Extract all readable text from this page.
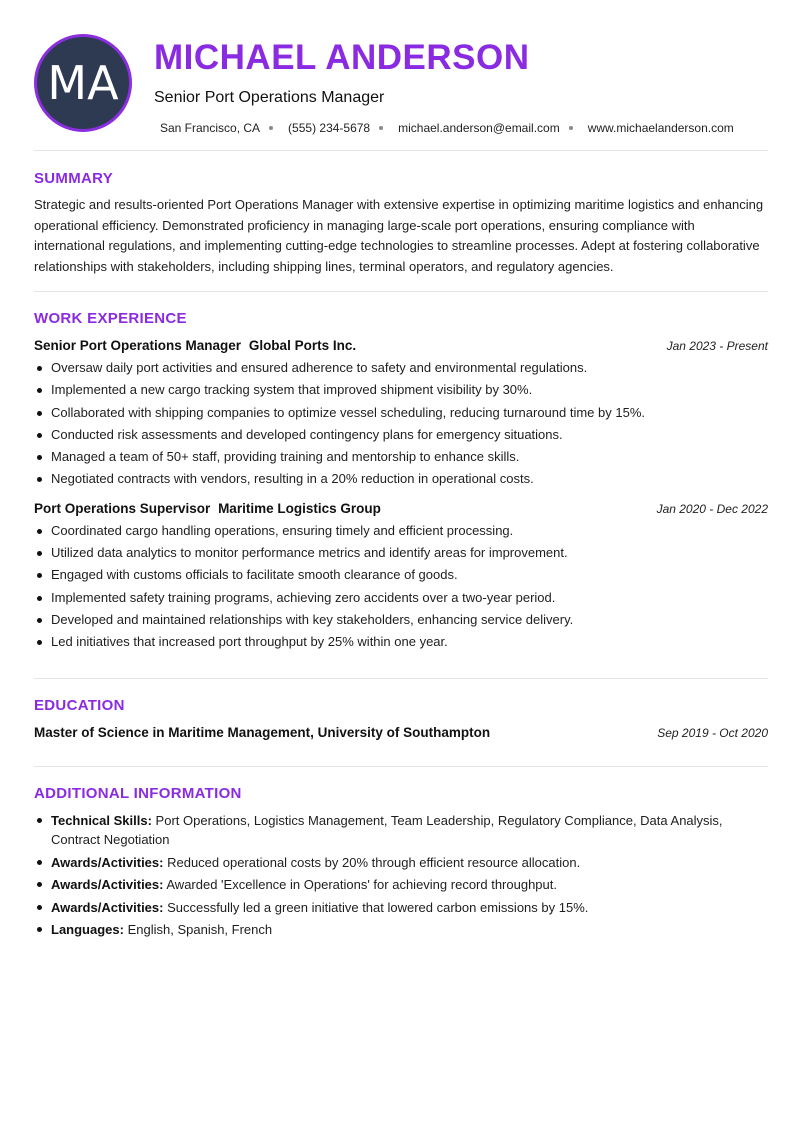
MA MICHAEL ANDERSON
Senior Port Operations Manager
San Francisco, CA (555) 234-5678 michael.anderson@email.com www.michaelanderson.com
SUMMARY

Strategic and results-oriented Port Operations Manager with extensive expertise in optimizing maritime logistics and enhancing operational efficiency. Demonstrated proficiency in managing large-scale port operations, ensuring compliance with international regulations, and implementing cutting-edge technologies to streamline processes. Adept at fostering collaborative relationships with stakeholders, including shipping lines, terminal operators, and regulatory agencies.

WORK EXPERIENCE
Senior Port Operations Manager Global Ports Inc.	Jan 2023 - Present
Oversaw daily port activities and ensured adherence to safety and environmental regulations.
Implemented a new cargo tracking system that improved shipment visibility by 30%.
Collaborated with shipping companies to optimize vessel scheduling, reducing turnaround time by 15%.
Conducted risk assessments and developed contingency plans for emergency situations.
Managed a team of 50+ staff, providing training and mentorship to enhance skills.
Negotiated contracts with vendors, resulting in a 20% reduction in operational costs.
Port Operations Supervisor Maritime Logistics Group	Jan 2020 - Dec 2022
Coordinated cargo handling operations, ensuring timely and efficient processing.
Utilized data analytics to monitor performance metrics and identify areas for improvement.
Engaged with customs officials to facilitate smooth clearance of goods.
Implemented safety training programs, achieving zero accidents over a two-year period.
Developed and maintained relationships with key stakeholders, enhancing service delivery.
Led initiatives that increased port throughput by 25% within one year.
EDUCATION
Master of Science in Maritime Management, University of Southampton	Sep 2019 - Oct 2020
ADDITIONAL INFORMATION
Technical Skills: Port Operations, Logistics Management, Team Leadership, Regulatory Compliance, Data Analysis, Contract Negotiation
Awards/Activities: Reduced operational costs by 20% through efficient resource allocation.
Awards/Activities: Awarded 'Excellence in Operations' for achieving record throughput.
Awards/Activities: Successfully led a green initiative that lowered carbon emissions by 15%.
Languages: English, Spanish, French
